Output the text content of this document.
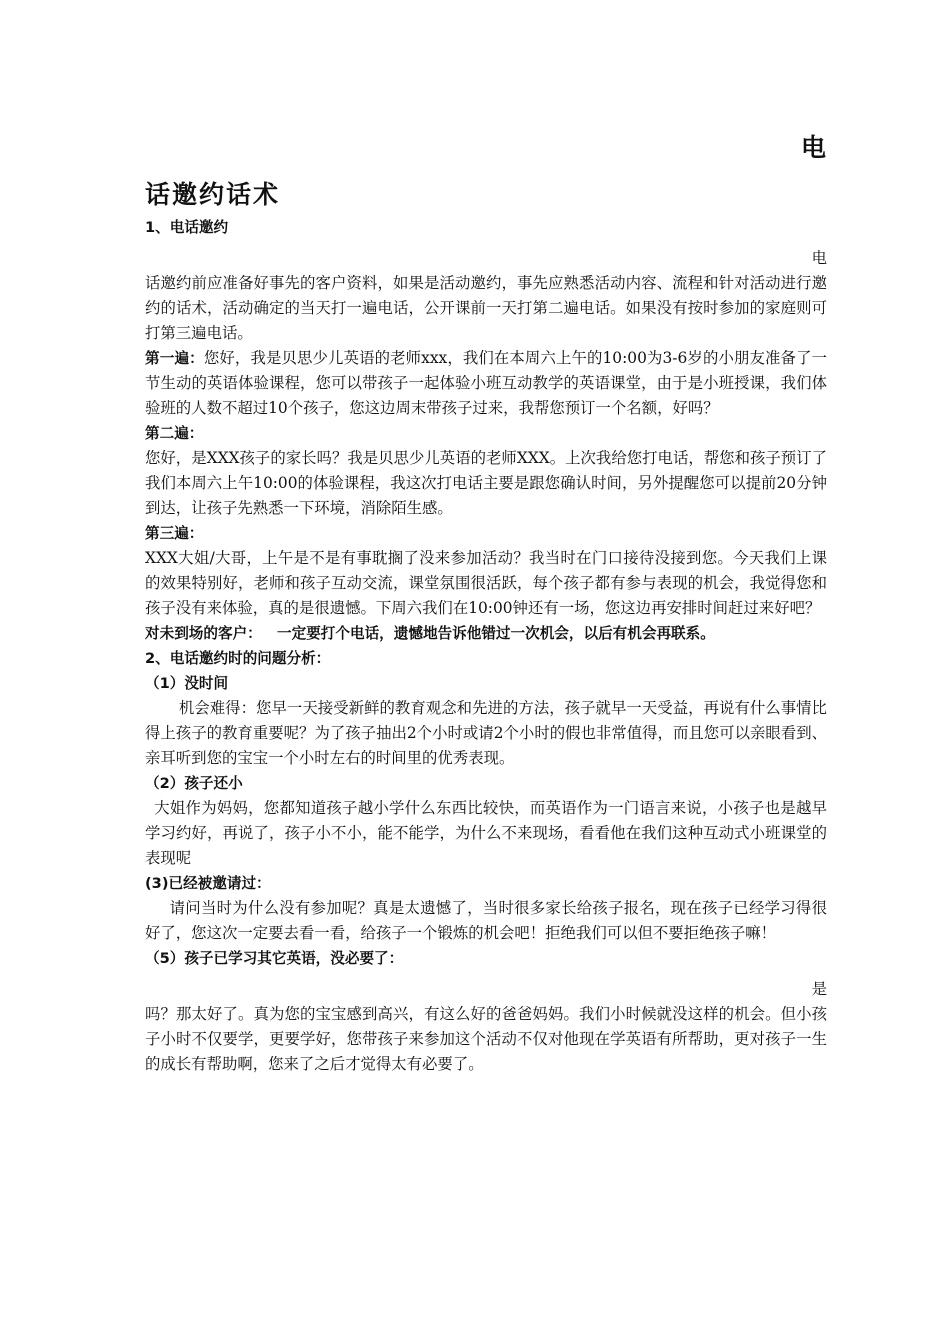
电
话邀约话术

1、电话邀约

电

话邀约前应准备好事先的客户资料，如果是活动邀约，事先应熟悉活动内容、流程和针对活动进行邀约的话术，活动确定的当天打一遍电话，公开课前一天打第二遍电话。如果没有按时参加的家庭则可打第三遍电话。

第一遍：您好，我是贝思少儿英语的老师xxx，我们在本周六上午的10:00为3-6岁的小朋友准备了一节生动的英语体验课程，您可以带孩子一起体验小班互动教学的英语课堂，由于是小班授课，我们体验班的人数不超过10个孩子，您这边周末带孩子过来，我帮您预订一个名额，好吗？

第二遍：

您好，是XXX孩子的家长吗？我是贝思少儿英语的老师XXX。上次我给您打电话，帮您和孩子预订了我们本周六上午10:00的体验课程，我这次打电话主要是跟您确认时间，另外提醒您可以提前20分钟到达，让孩子先熟悉一下环境，消除陌生感。

第三遍：

XXX大姐/大哥，上午是不是有事耽搁了没来参加活动？我当时在门口接待没接到您。今天我们上课的效果特别好，老师和孩子互动交流，课堂氛围很活跃，每个孩子都有参与表现的机会，我觉得您和孩子没有来体验，真的是很遗憾。下周六我们在10:00钟还有一场，您这边再安排时间赶过来好吧？

对未到场的客户： 一定要打个电话，遗憾地告诉他错过一次机会，以后有机会再联系。

2、电话邀约时的问题分析：

（1）没时间

机会难得：您早一天接受新鲜的教育观念和先进的方法，孩子就早一天受益，再说有什么事情比得上孩子的教育重要呢？为了孩子抽出2个小时或请2个小时的假也非常值得，而且您可以亲眼看到、亲耳听到您的宝宝一个小时左右的时间里的优秀表现。

（2）孩子还小

大姐作为妈妈，您都知道孩子越小学什么东西比较快，而英语作为一门语言来说，小孩子也是越早学习约好，再说了，孩子小不小，能不能学，为什么不来现场，看看他在我们这种互动式小班课堂的表现呢

(3)已经被邀请过：

请问当时为什么没有参加呢？真是太遗憾了，当时很多家长给孩子报名，现在孩子已经学习得很好了，您这次一定要去看一看，给孩子一个锻炼的机会吧！拒绝我们可以但不要拒绝孩子嘛！

（5）孩子已学习其它英语，没必要了：

是

吗？那太好了。真为您的宝宝感到高兴，有这么好的爸爸妈妈。我们小时候就没这样的机会。但小孩子小时不仅要学，更要学好，您带孩子来参加这个活动不仅对他现在学英语有所帮助，更对孩子一生的成长有帮助啊，您来了之后才觉得太有必要了。
